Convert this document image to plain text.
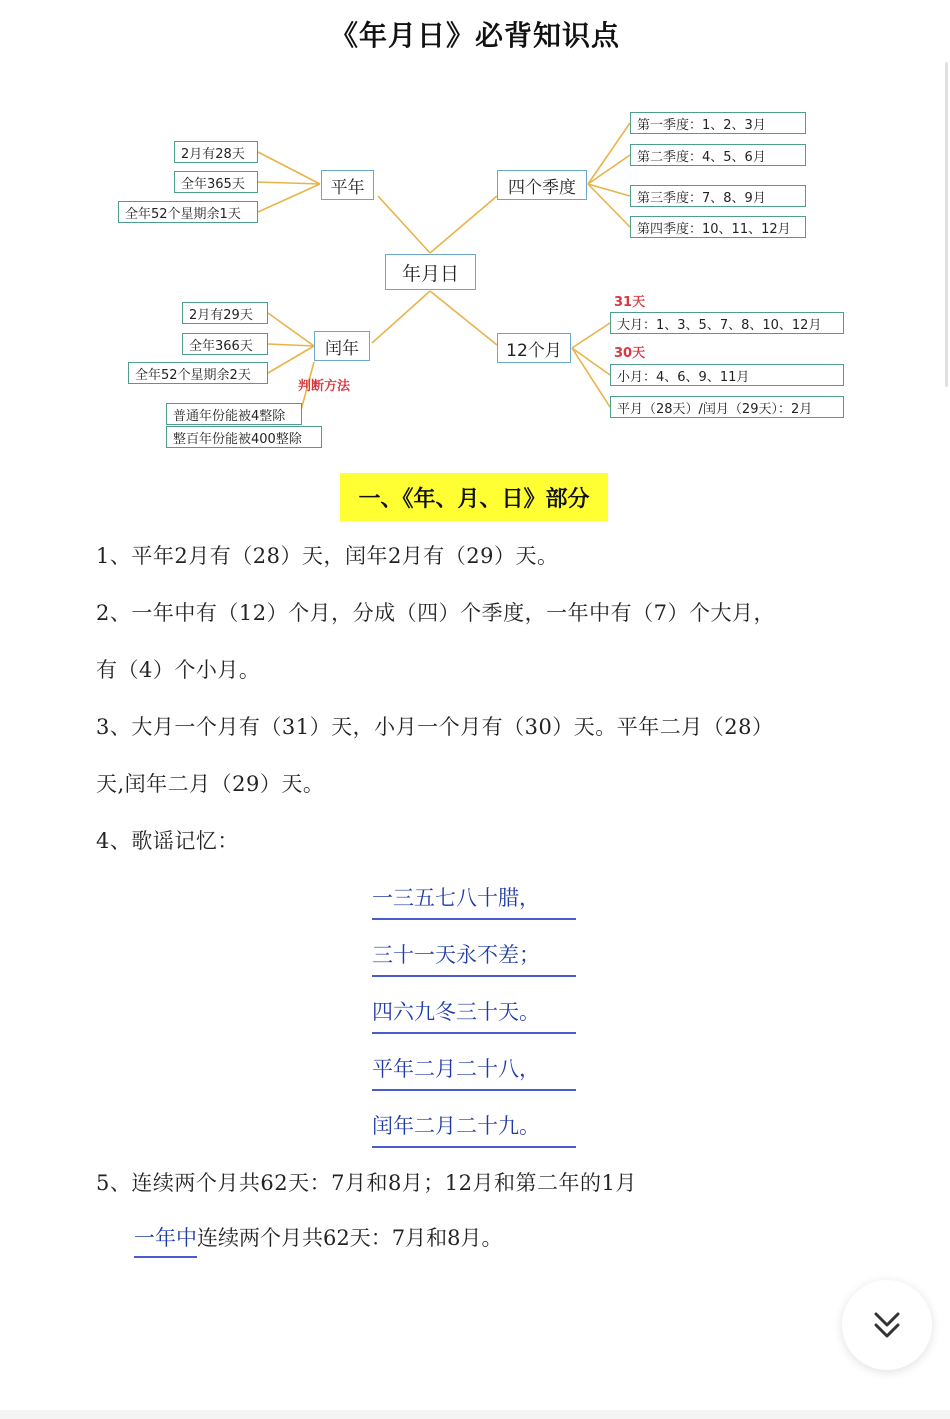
《年月日》必背知识点
年月日
平年
2月有28天
全年365天
全年52个星期余1天
四个季度
第一季度：1、2、3月
第二季度：4、5、6月
第三季度：7、8、9月
第四季度：10、11、12月
闰年
2月有29天
全年366天
全年52个星期余2天
判断方法
普通年份能被4整除
整百年份能被400整除
12个月
31天
大月：1、3、5、7、8、10、12月
30天
小月：4、6、9、11月
平月（28天）/闰月（29天）：2月
一、《年、月、日》部分
1、平年2月有（28）天，闰年2月有（29）天。
2、一年中有（12）个月，分成（四）个季度，一年中有（7）个大月，
有（4）个小月。
3、大月一个月有（31）天，小月一个月有（30）天。平年二月（28）
天,闰年二月（29）天。
4、歌谣记忆：
一三五七八十腊，
三十一天永不差；
四六九冬三十天。
平年二月二十八，
闰年二月二十九。
5、连续两个月共62天：7月和8月；12月和第二年的1月
一年中连续两个月共62天：7月和8月。
